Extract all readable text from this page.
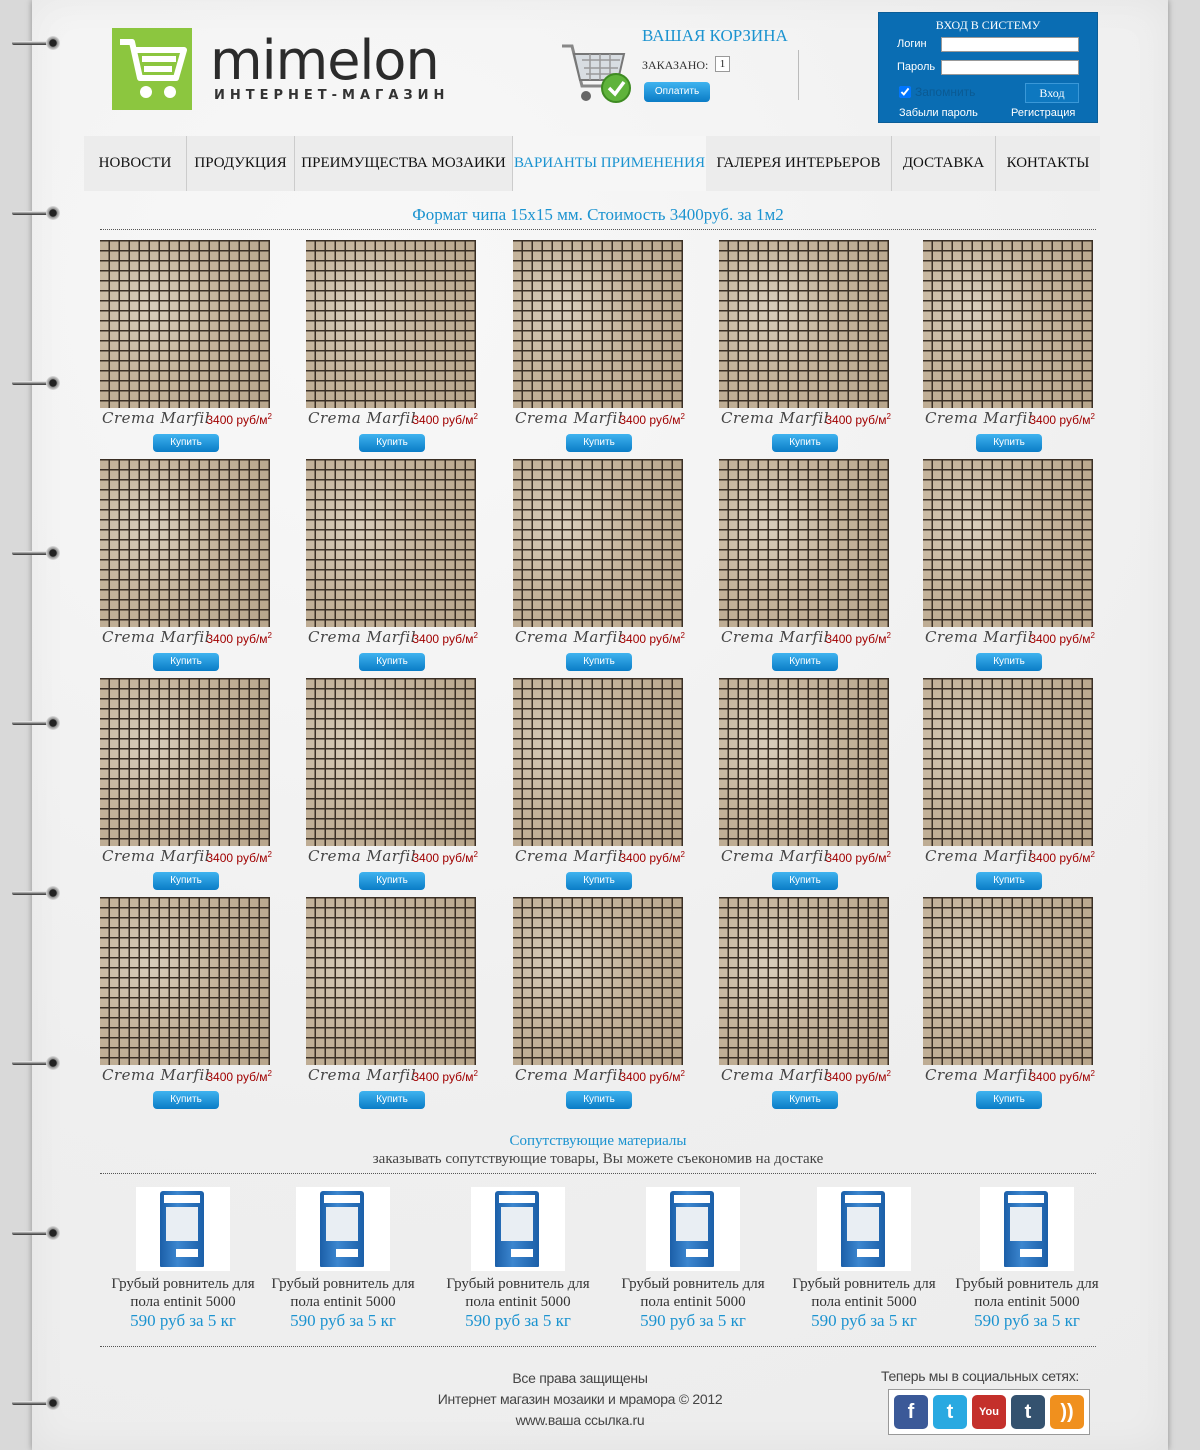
mimelon
ИНТЕРНЕТ-МАГАЗИН
ВАШАЯ КОРЗИНА
ЗАКАЗАНО:	1
Оплатить
ВХОД В СИСТЕМУ
Логин
Пароль
Запомнить	Вход
Забыли пароль	Регистрация
НОВОСТИ	ПРОДУКЦИЯ ПРЕИМУЩЕСТВА МОЗАИКИ ВАРИАНТЫ ПРИМЕНЕНИЯ ГАЛЕРЕЯ ИНТЕРЬЕРОВ	ДОСТАВКА	КОНТАКТЫ
Формат чипа 15х15 мм. Стоимость 3400руб. за 1м2
Crema Marfil
3400 руб/$м^2$
Купить
Crema Marfil
3400 руб/$м^2$
Купить
Crema Marfil
3400 руб/$м^2$
Купить
Crema Marfil
3400 руб/$м^2$
Купить
Crema Marfil
3400 руб/$м^2$
Купить
Crema Marfil
3400 руб/$м^2$
Купить
Crema Marfil
3400 руб/$м^2$
Купить
Crema Marfil
3400 руб/$м^2$
Купить
Crema Marfil
3400 руб/$м^2$
Купить
Crema Marfil
3400 руб/$м^2$
Купить
Crema Marfil
3400 руб/$м^2$
Купить
Crema Marfil
3400 руб/$м^2$
Купить
Crema Marfil
3400 руб/$м^2$
Купить
Crema Marfil
3400 руб/$м^2$
Купить
Crema Marfil
3400 руб/$м^2$
Купить
Crema Marfil
3400 руб/$м^2$
Купить
Crema Marfil
3400 руб/$м^2$
Купить
Crema Marfil
3400 руб/$м^2$
Купить
Crema Marfil
3400 руб/$м^2$
Купить
Crema Marfil
3400 руб/$м^2$
Купить
Сопутствующие материалы
заказывать сопутствующие товары, Вы можете съекономив на достаке
Грубый ровнитель для пола entinit 5000
590 руб за 5 кг
Грубый ровнитель для пола entinit 5000
590 руб за 5 кг
Грубый ровнитель для пола entinit 5000
590 руб за 5 кг
Грубый ровнитель для пола entinit 5000
590 руб за 5 кг
Грубый ровнитель для пола entinit 5000
590 руб за 5 кг
Грубый ровнитель для пола entinit 5000
590 руб за 5 кг
Все права защищены
Интернет магазин мозаики и мрамора © 2012
www.ваша ссылка.ru
Теперь мы в социальных сетях:
f	t	You	t	))
